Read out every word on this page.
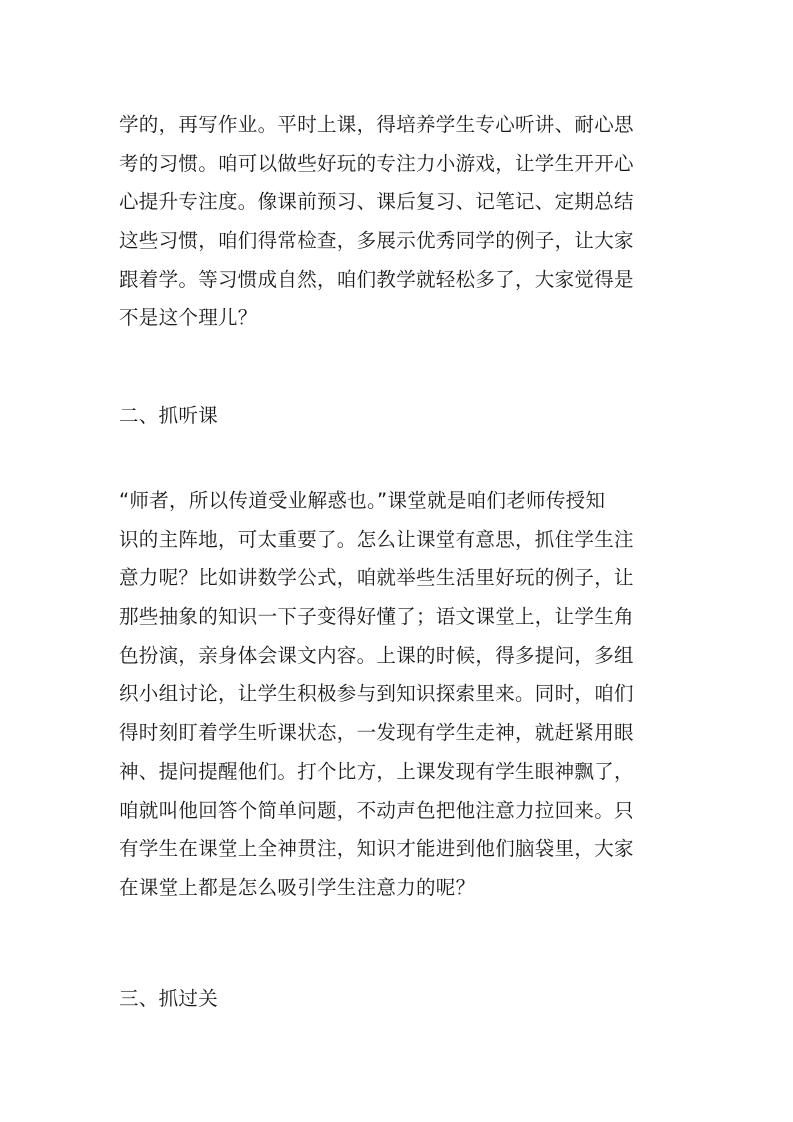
学的，再写作业。平时上课，得培养学生专心听讲、耐心思
考的习惯。咱可以做些好玩的专注力小游戏，让学生开开心
心提升专注度。像课前预习、课后复习、记笔记、定期总结
这些习惯，咱们得常检查，多展示优秀同学的例子，让大家
跟着学。等习惯成自然，咱们教学就轻松多了，大家觉得是
不是这个理儿？
二、抓听课
“师者，所以传道受业解惑也。”课堂就是咱们老师传授知
识的主阵地，可太重要了。怎么让课堂有意思，抓住学生注
意力呢？比如讲数学公式，咱就举些生活里好玩的例子，让
那些抽象的知识一下子变得好懂了；语文课堂上，让学生角
色扮演，亲身体会课文内容。上课的时候，得多提问，多组
织小组讨论，让学生积极参与到知识探索里来。同时，咱们
得时刻盯着学生听课状态，一发现有学生走神，就赶紧用眼
神、提问提醒他们。打个比方，上课发现有学生眼神飘了，
咱就叫他回答个简单问题，不动声色把他注意力拉回来。只
有学生在课堂上全神贯注，知识才能进到他们脑袋里，大家
在课堂上都是怎么吸引学生注意力的呢？
三、抓过关
